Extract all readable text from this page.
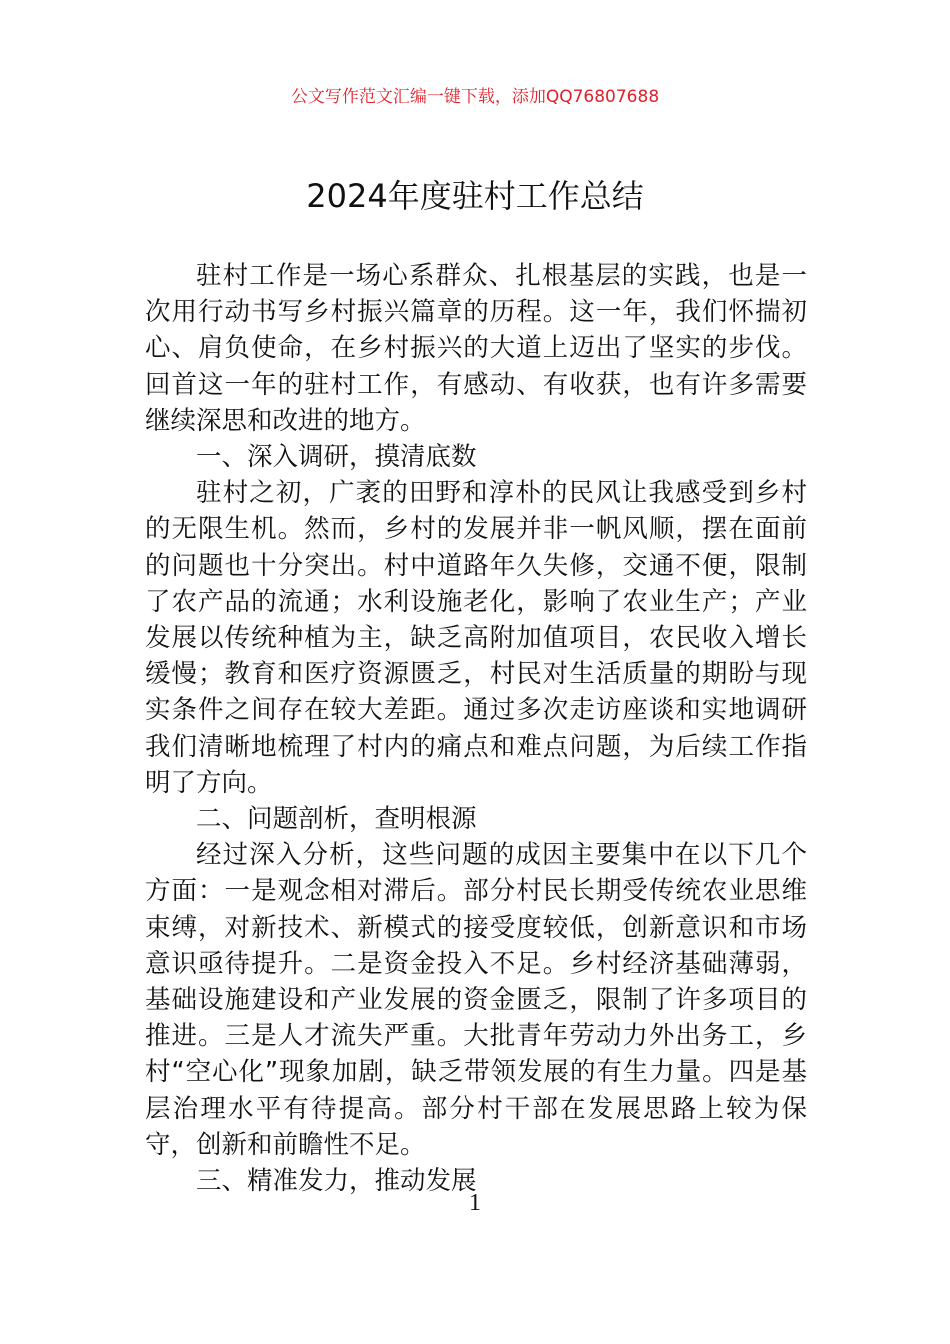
公文写作范文汇编一键下载，添加QQ76807688
2024年度驻村工作总结

驻村工作是一场心系群众、扎根基层的实践，也是一次用行动书写乡村振兴篇章的历程。这一年，我们怀揣初心、肩负使命，在乡村振兴的大道上迈出了坚实的步伐。回首这一年的驻村工作，有感动、有收获，也有许多需要继续深思和改进的地方。

一、深入调研，摸清底数

驻村之初，广袤的田野和淳朴的民风让我感受到乡村的无限生机。然而，乡村的发展并非一帆风顺，摆在面前的问题也十分突出。村中道路年久失修，交通不便，限制了农产品的流通；水利设施老化，影响了农业生产；产业发展以传统种植为主，缺乏高附加值项目，农民收入增长缓慢；教育和医疗资源匮乏，村民对生活质量的期盼与现实条件之间存在较大差距。通过多次走访座谈和实地调研我们清晰地梳理了村内的痛点和难点问题，为后续工作指明了方向。

二、问题剖析，查明根源

经过深入分析，这些问题的成因主要集中在以下几个方面：一是观念相对滞后。部分村民长期受传统农业思维束缚，对新技术、新模式的接受度较低，创新意识和市场意识亟待提升。二是资金投入不足。乡村经济基础薄弱，基础设施建设和产业发展的资金匮乏，限制了许多项目的推进。三是人才流失严重。大批青年劳动力外出务工，乡村“空心化”现象加剧，缺乏带领发展的有生力量。四是基层治理水平有待提高。部分村干部在发展思路上较为保守，创新和前瞻性不足。

三、精准发力，推动发展

1
